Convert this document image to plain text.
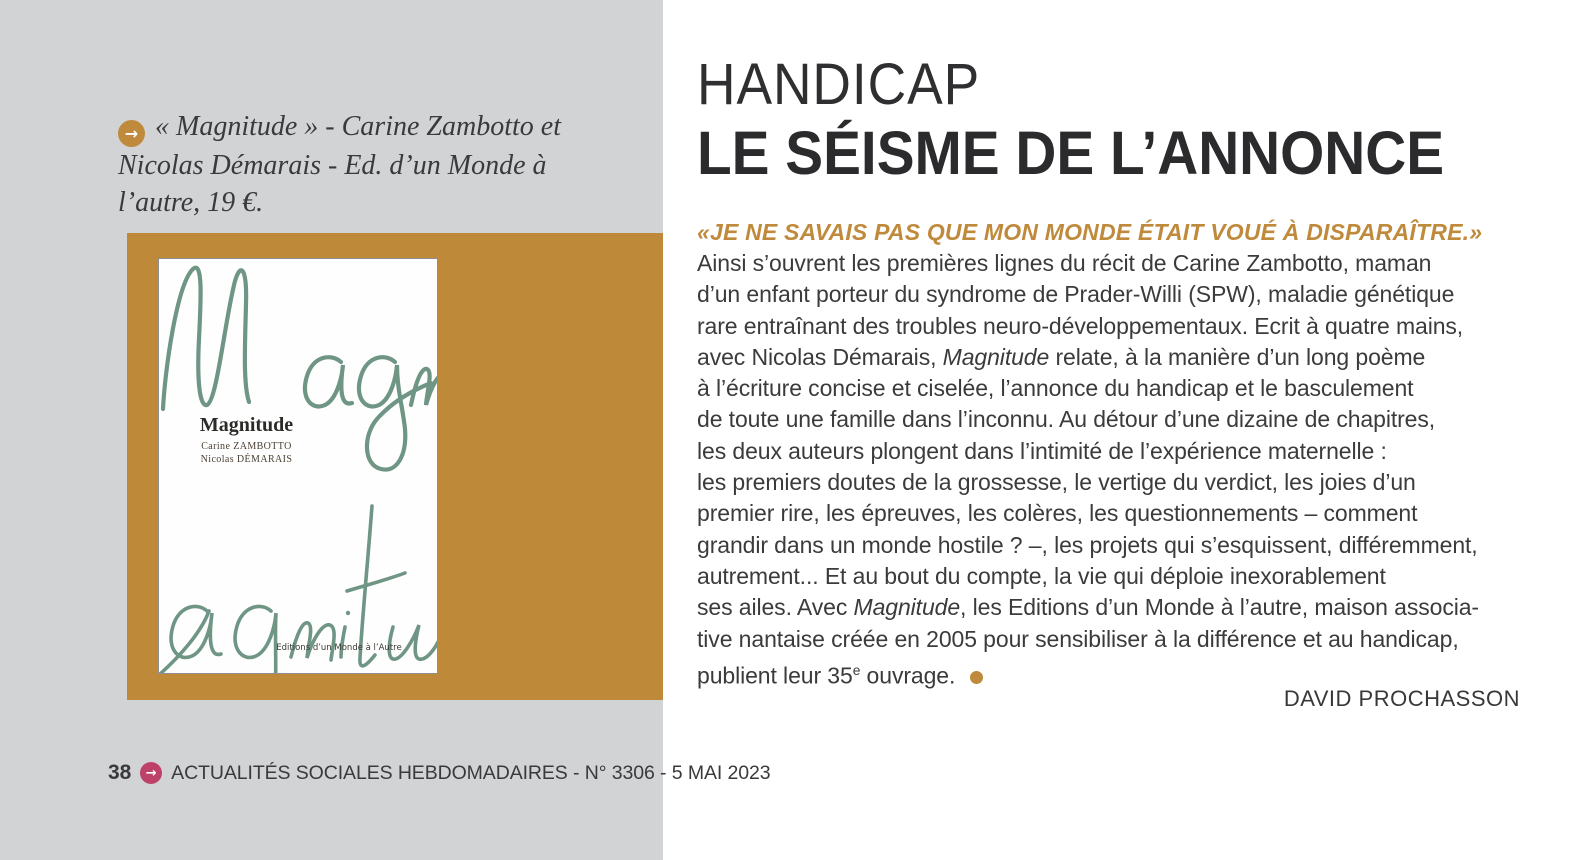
→ « Magnitude » - Carine Zambotto et
Nicolas Démarais - Ed. d’un Monde à
l’autre, 19 €.
Magnitude
Carine ZAMBOTTO
Nicolas DÉMARAIS
Editions d’un Monde à l’Autre
HANDICAP
LE SÉISME DE L’ANNONCE
«JE NE SAVAIS PAS QUE MON MONDE ÉTAIT VOUÉ À DISPARAÎTRE.»
Ainsi s’ouvrent les premières lignes du récit de Carine Zambotto, maman
d’un enfant porteur du syndrome de Prader-Willi (SPW), maladie génétique
rare entraînant des troubles neuro-développementaux. Ecrit à quatre mains,
avec Nicolas Démarais, Magnitude relate, à la manière d’un long poème
à l’écriture concise et ciselée, l’annonce du handicap et le basculement
de toute une famille dans l’inconnu. Au détour d’une dizaine de chapitres,
les deux auteurs plongent dans l’intimité de l’expérience maternelle :
les premiers doutes de la grossesse, le vertige du verdict, les joies d’un
premier rire, les épreuves, les colères, les questionnements – comment
grandir dans un monde hostile ? –, les projets qui s’esquissent, différemment,
autrement... Et au bout du compte, la vie qui déploie inexorablement
ses ailes. Avec Magnitude, les Editions d’un Monde à l’autre, maison associa-
tive nantaise créée en 2005 pour sensibiliser à la différence et au handicap,
publient leur 35e ouvrage.
DAVID PROCHASSON
38	→ ACTUALITÉS SOCIALES HEBDOMADAIRES - N° 3306 - 5 MAI 2023
